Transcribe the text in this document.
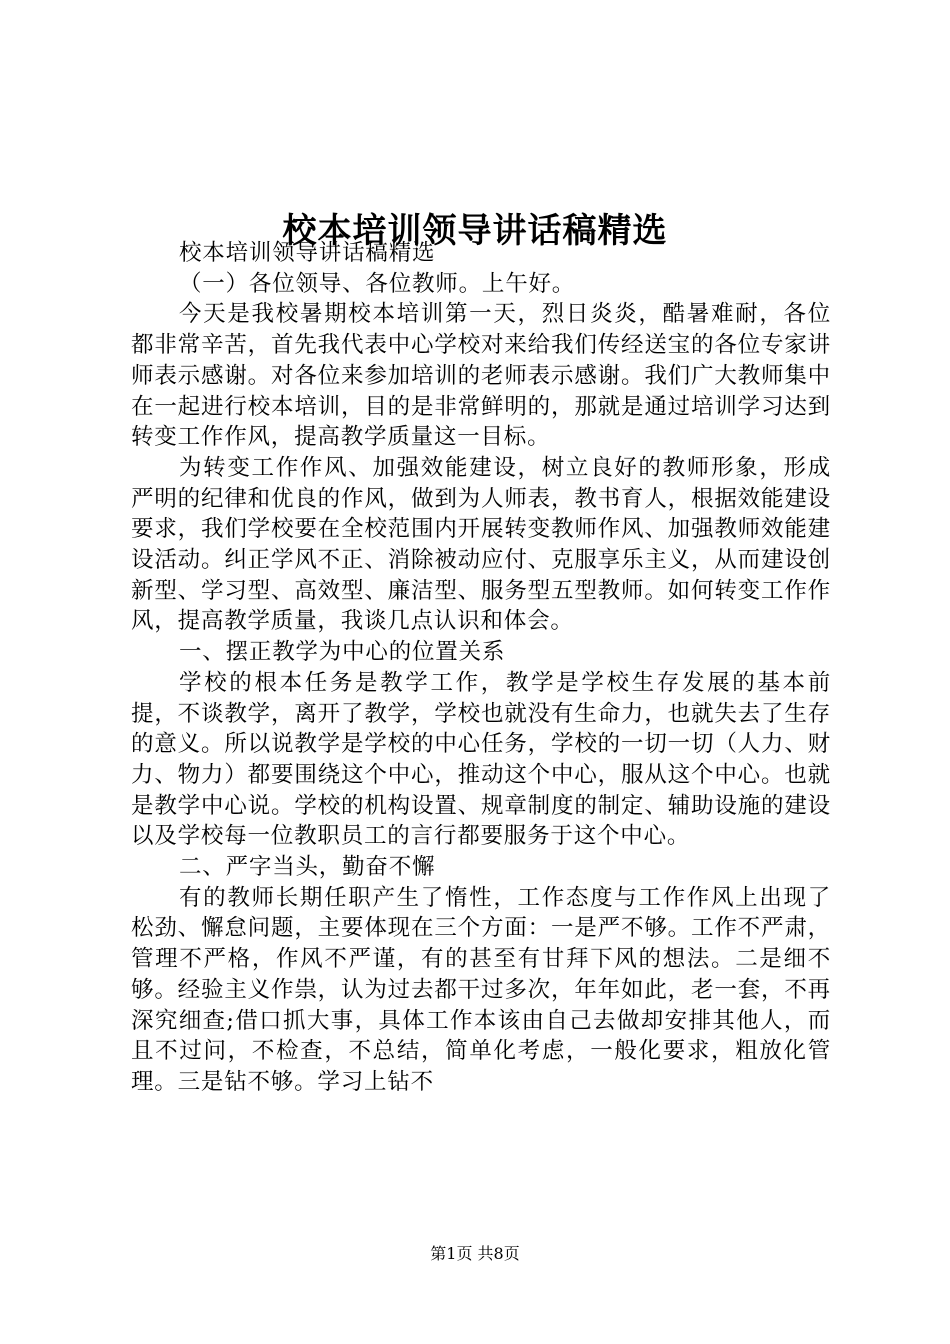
校本培训领导讲话稿精选

校本培训领导讲话稿精选

（一）各位领导、各位教师。上午好。

今天是我校暑期校本培训第一天，烈日炎炎，酷暑难耐，各位都非常辛苦，首先我代表中心学校对来给我们传经送宝的各位专家讲师表示感谢。对各位来参加培训的老师表示感谢。我们广大教师集中在一起进行校本培训，目的是非常鲜明的，那就是通过培训学习达到转变工作作风，提高教学质量这一目标。

为转变工作作风、加强效能建设，树立良好的教师形象，形成严明的纪律和优良的作风，做到为人师表，教书育人，根据效能建设要求，我们学校要在全校范围内开展转变教师作风、加强教师效能建设活动。纠正学风不正、消除被动应付、克服享乐主义，从而建设创新型、学习型、高效型、廉洁型、服务型五型教师。如何转变工作作风，提高教学质量，我谈几点认识和体会。

一、摆正教学为中心的位置关系

学校的根本任务是教学工作，教学是学校生存发展的基本前提，不谈教学，离开了教学，学校也就没有生命力，也就失去了生存的意义。所以说教学是学校的中心任务，学校的一切一切（人力、财力、物力）都要围绕这个中心，推动这个中心，服从这个中心。也就是教学中心说。学校的机构设置、规章制度的制定、辅助设施的建设以及学校每一位教职员工的言行都要服务于这个中心。

二、严字当头，勤奋不懈

有的教师长期任职产生了惰性，工作态度与工作作风上出现了松劲、懈怠问题，主要体现在三个方面：一是严不够。工作不严肃，管理不严格，作风不严谨，有的甚至有甘拜下风的想法。二是细不够。经验主义作祟，认为过去都干过多次，年年如此，老一套，不再深究细查;借口抓大事，具体工作本该由自己去做却安排其他人，而且不过问，不检查，不总结，简单化考虑，一般化要求，粗放化管理。三是钻不够。学习上钻不

第1页 共8页
